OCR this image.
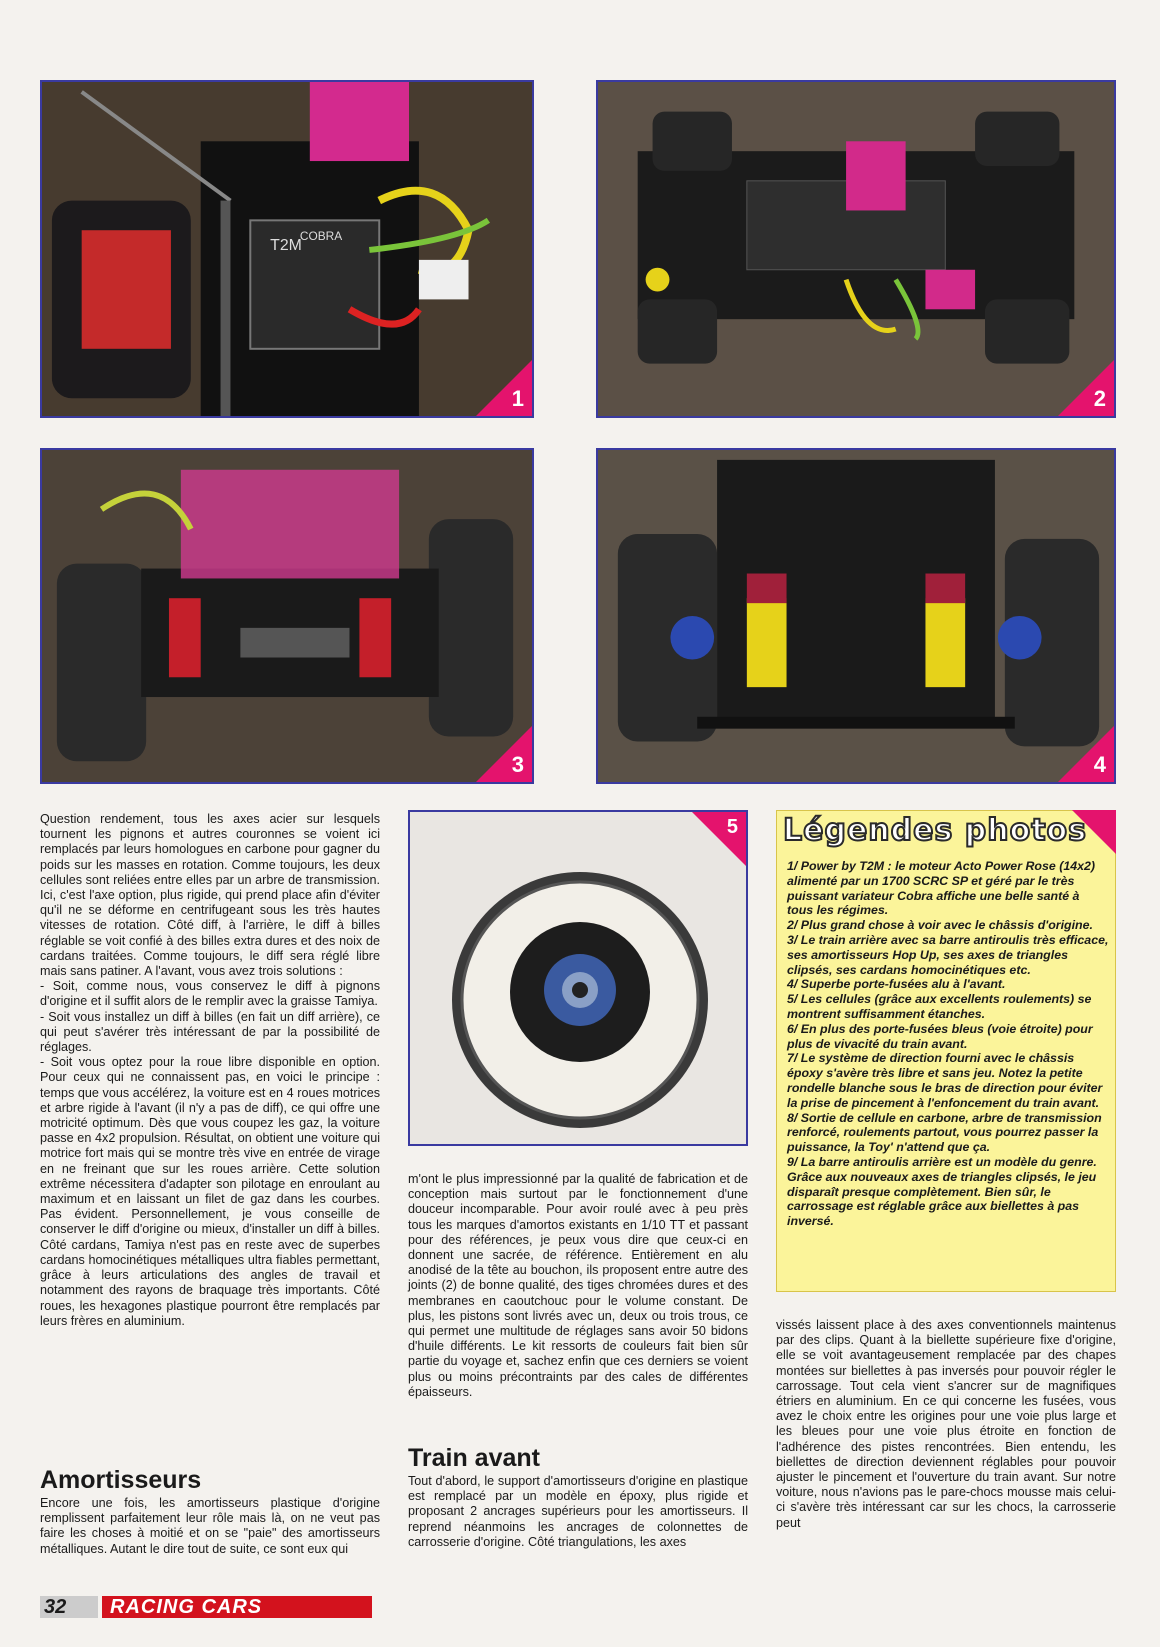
T2M
COBRA
1	2
3	4

Question rendement, tous les axes acier sur lesquels tournent les pignons et autres couronnes se voient ici remplacés par leurs homologues en carbone pour gagner du poids sur les masses en rotation. Comme toujours, les deux cellules sont reliées entre elles par un arbre de transmission. Ici, c'est l'axe option, plus rigide, qui prend place afin d'éviter qu'il ne se déforme en centrifugeant sous les très hautes vitesses de rotation. Côté diff, à l'arrière, le diff à billes réglable se voit confié à des billes extra dures et des noix de cardans traitées. Comme toujours, le diff sera réglé libre mais sans patiner. A l'avant, vous avez trois solutions :

- Soit, comme nous, vous conservez le diff à pignons d'origine et il suffit alors de le remplir avec la graisse Tamiya.

- Soit vous installez un diff à billes (en fait un diff arrière), ce qui peut s'avérer très intéressant de par la possibilité de réglages.

- Soit vous optez pour la roue libre disponible en option. Pour ceux qui ne connaissent pas, en voici le principe : temps que vous accélérez, la voiture est en 4 roues motrices et arbre rigide à l'avant (il n'y a pas de diff), ce qui offre une motricité optimum. Dès que vous coupez les gaz, la voiture passe en 4x2 propulsion. Résultat, on obtient une voiture qui motrice fort mais qui se montre très vive en entrée de virage en ne freinant que sur les roues arrière. Cette solution extrême nécessitera d'adapter son pilotage en enroulant au maximum et en laissant un filet de gaz dans les courbes. Pas évident. Personnellement, je vous conseille de conserver le diff d'origine ou mieux, d'installer un diff à billes. Côté cardans, Tamiya n'est pas en reste avec de superbes cardans homocinétiques métalliques ultra fiables permettant, grâce à leurs articulations des angles de travail et notamment des rayons de braquage très importants. Côté roues, les hexagones plastique pourront être remplacés par leurs frères en aluminium.

Amortisseurs

Encore une fois, les amortisseurs plastique d'origine remplissent parfaitement leur rôle mais là, on ne veut pas faire les choses à moitié et on se "paie" des amortisseurs métalliques. Autant le dire tout de suite, ce sont eux qui

5

m'ont le plus impressionné par la qualité de fabrication et de conception mais surtout par le fonctionnement d'une douceur incomparable. Pour avoir roulé avec à peu près tous les marques d'amortos existants en 1/10 TT et passant pour des références, je peux vous dire que ceux-ci en donnent une sacrée, de référence. Entièrement en alu anodisé de la tête au bouchon, ils proposent entre autre des joints (2) de bonne qualité, des tiges chromées dures et des membranes en caoutchouc pour le volume constant. De plus, les pistons sont livrés avec un, deux ou trois trous, ce qui permet une multitude de réglages sans avoir 50 bidons d'huile différents. Le kit ressorts de couleurs fait bien sûr partie du voyage et, sachez enfin que ces derniers se voient plus ou moins précontraints par des cales de différentes épaisseurs.

Train avant

Tout d'abord, le support d'amortisseurs d'origine en plastique est remplacé par un modèle en époxy, plus rigide et proposant 2 ancrages supérieurs pour les amortisseurs. Il reprend néanmoins les ancrages de colonnettes de carrosserie d'origine. Côté triangulations, les axes

Légendes photos
1/ Power by T2M : le moteur Acto Power Rose (14x2) alimenté par un 1700 SCRC SP et géré par le très puissant variateur Cobra affiche une belle santé à tous les régimes.
2/ Plus grand chose à voir avec le châssis d'origine.
3/ Le train arrière avec sa barre antiroulis très efficace, ses amortisseurs Hop Up, ses axes de triangles clipsés, ses cardans homocinétiques etc.
4/ Superbe porte-fusées alu à l'avant.
5/ Les cellules (grâce aux excellents roulements) se montrent suffisamment étanches.
6/ En plus des porte-fusées bleus (voie étroite) pour plus de vivacité du train avant.
7/ Le système de direction fourni avec le châssis époxy s'avère très libre et sans jeu. Notez la petite rondelle blanche sous le bras de direction pour éviter la prise de pincement à l'enfoncement du train avant.
8/ Sortie de cellule en carbone, arbre de transmission renforcé, roulements partout, vous pourrez passer la puissance, la Toy' n'attend que ça.
9/ La barre antiroulis arrière est un modèle du genre. Grâce aux nouveaux axes de triangles clipsés, le jeu disparaît presque complètement. Bien sûr, le carrossage est réglable grâce aux biellettes à pas inversé.

vissés laissent place à des axes conventionnels maintenus par des clips. Quant à la biellette supérieure fixe d'origine, elle se voit avantageusement remplacée par des chapes montées sur biellettes à pas inversés pour pouvoir régler le carrossage. Tout cela vient s'ancrer sur de magnifiques étriers en aluminium. En ce qui concerne les fusées, vous avez le choix entre les origines pour une voie plus large et les bleues pour une voie plus étroite en fonction de l'adhérence des pistes rencontrées. Bien entendu, les biellettes de direction deviennent réglables pour pouvoir ajuster le pincement et l'ouverture du train avant. Sur notre voiture, nous n'avions pas le pare-chocs mousse mais celui-ci s'avère très intéressant car sur les chocs, la carrosserie peut

32	RACING CARS
